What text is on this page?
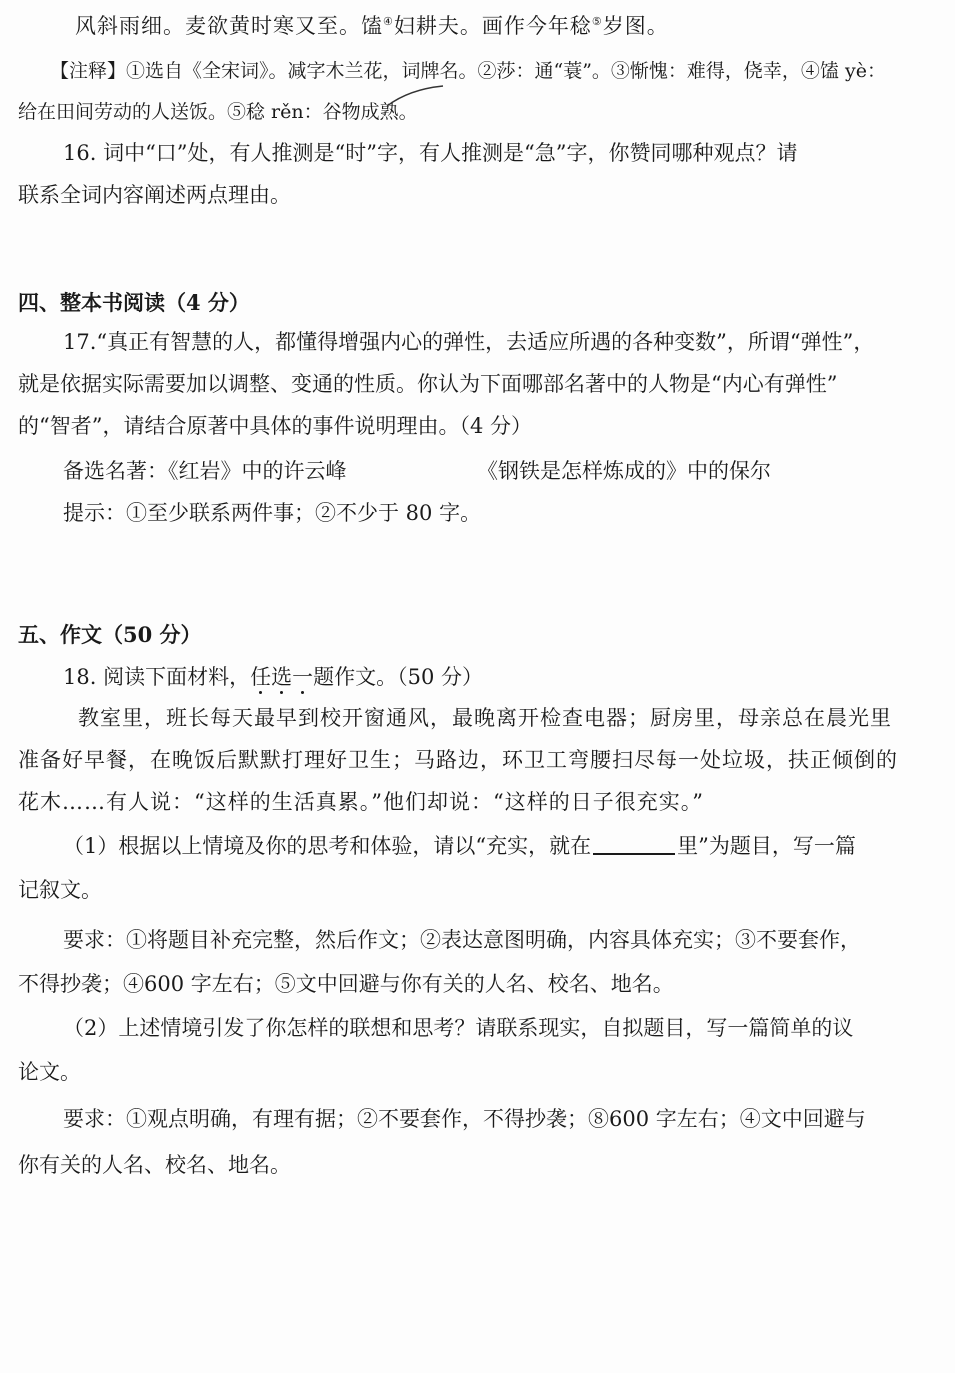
风斜雨细。麦欲黄时寒又至。馌④妇耕夫。画作今年稔⑤岁图。
【注释】①选自《全宋词》。减字木兰花，词牌名。②莎：通“蓑”。③惭愧：难得，侥幸，④馌 yè：
给在田间劳动的人送饭。⑤稔 rěn：谷物成熟。
16. 词中“口”处，有人推测是“时”字，有人推测是“急”字，你赞同哪种观点？请
联系全词内容阐述两点理由。
四、整本书阅读（4 分）
17.“真正有智慧的人，都懂得增强内心的弹性，去适应所遇的各种变数”，所谓“弹性”，
就是依据实际需要加以调整、变通的性质。你认为下面哪部名著中的人物是“内心有弹性”
的“智者”，请结合原著中具体的事件说明理由。（4 分）
备选名著：《红岩》中的许云峰	《钢铁是怎样炼成的》中的保尔
提示：①至少联系两件事；②不少于 80 字。
五、作文（50 分）
18. 阅读下面材料，任选一题作文。（50 分）
教室里，班长每天最早到校开窗通风，最晚离开检查电器；厨房里，母亲总在晨光里
准备好早餐，在晚饭后默默打理好卫生；马路边，环卫工弯腰扫尽每一处垃圾，扶正倾倒的
花木……有人说：“这样的生活真累。”他们却说：“这样的日子很充实。”
（1）根据以上情境及你的思考和体验，请以“充实，就在	里”为题目，写一篇
记叙文。
要求：①将题目补充完整，然后作文；②表达意图明确，内容具体充实；③不要套作，
不得抄袭；④600 字左右；⑤文中回避与你有关的人名、校名、地名。
（2）上述情境引发了你怎样的联想和思考？请联系现实，自拟题目，写一篇简单的议
论文。
要求：①观点明确，有理有据；②不要套作，不得抄袭；⑧600 字左右；④文中回避与
你有关的人名、校名、地名。
